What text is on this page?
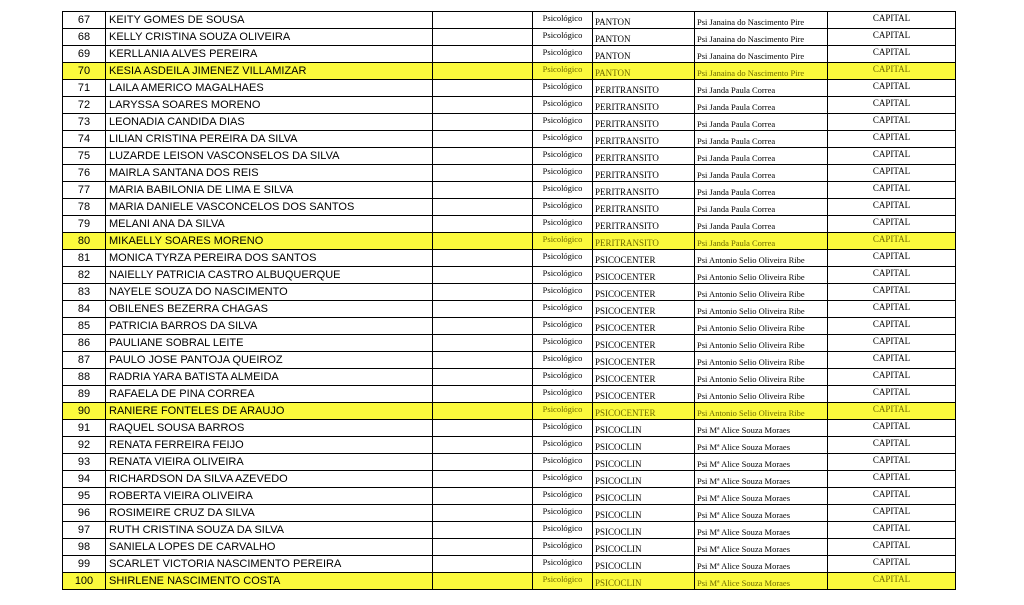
67	KEITY GOMES DE SOUSA		Psicológico	PANTON	Psi Janaina do Nascimento Pire	CAPITAL
68	KELLY CRISTINA SOUZA OLIVEIRA		Psicológico	PANTON	Psi Janaina do Nascimento Pire	CAPITAL
69	KERLLANIA ALVES PEREIRA		Psicológico	PANTON	Psi Janaina do Nascimento Pire	CAPITAL
70	KESIA ASDEILA JIMENEZ VILLAMIZAR		Psicológico	PANTON	Psi Janaina do Nascimento Pire	CAPITAL
71	LAILA AMERICO MAGALHAES		Psicológico	PERITRANSITO	Psi Janda Paula Correa	CAPITAL
72	LARYSSA SOARES MORENO		Psicológico	PERITRANSITO	Psi Janda Paula Correa	CAPITAL
73	LEONADIA CANDIDA DIAS		Psicológico	PERITRANSITO	Psi Janda Paula Correa	CAPITAL
74	LILIAN CRISTINA PEREIRA DA SILVA		Psicológico	PERITRANSITO	Psi Janda Paula Correa	CAPITAL
75	LUZARDE LEISON VASCONSELOS DA SILVA		Psicológico	PERITRANSITO	Psi Janda Paula Correa	CAPITAL
76	MAIRLA SANTANA DOS REIS		Psicológico	PERITRANSITO	Psi Janda Paula Correa	CAPITAL
77	MARIA BABILONIA DE LIMA E SILVA		Psicológico	PERITRANSITO	Psi Janda Paula Correa	CAPITAL
78	MARIA DANIELE VASCONCELOS DOS SANTOS		Psicológico	PERITRANSITO	Psi Janda Paula Correa	CAPITAL
79	MELANI ANA DA SILVA		Psicológico	PERITRANSITO	Psi Janda Paula Correa	CAPITAL
80	MIKAELLY SOARES MORENO		Psicológico	PERITRANSITO	Psi Janda Paula Correa	CAPITAL
81	MONICA TYRZA PEREIRA DOS SANTOS		Psicológico	PSICOCENTER	Psi Antonio Selio Oliveira Ribe	CAPITAL
82	NAIELLY PATRICIA CASTRO ALBUQUERQUE		Psicológico	PSICOCENTER	Psi Antonio Selio Oliveira Ribe	CAPITAL
83	NAYELE SOUZA DO NASCIMENTO		Psicológico	PSICOCENTER	Psi Antonio Selio Oliveira Ribe	CAPITAL
84	OBILENES BEZERRA CHAGAS		Psicológico	PSICOCENTER	Psi Antonio Selio Oliveira Ribe	CAPITAL
85	PATRICIA BARROS DA SILVA		Psicológico	PSICOCENTER	Psi Antonio Selio Oliveira Ribe	CAPITAL
86	PAULIANE SOBRAL LEITE		Psicológico	PSICOCENTER	Psi Antonio Selio Oliveira Ribe	CAPITAL
87	PAULO JOSE PANTOJA QUEIROZ		Psicológico	PSICOCENTER	Psi Antonio Selio Oliveira Ribe	CAPITAL
88	RADRIA YARA BATISTA ALMEIDA		Psicológico	PSICOCENTER	Psi Antonio Selio Oliveira Ribe	CAPITAL
89	RAFAELA DE PINA CORREA		Psicológico	PSICOCENTER	Psi Antonio Selio Oliveira Ribe	CAPITAL
90	RANIERE FONTELES DE ARAUJO		Psicológico	PSICOCENTER	Psi Antonio Selio Oliveira Ribe	CAPITAL
91	RAQUEL SOUSA BARROS		Psicológico	PSICOCLIN	Psi Mª Alice Souza Moraes	CAPITAL
92	RENATA FERREIRA FEIJO		Psicológico	PSICOCLIN	Psi Mª Alice Souza Moraes	CAPITAL
93	RENATA VIEIRA OLIVEIRA		Psicológico	PSICOCLIN	Psi Mª Alice Souza Moraes	CAPITAL
94	RICHARDSON DA SILVA AZEVEDO		Psicológico	PSICOCLIN	Psi Mª Alice Souza Moraes	CAPITAL
95	ROBERTA VIEIRA OLIVEIRA		Psicológico	PSICOCLIN	Psi Mª Alice Souza Moraes	CAPITAL
96	ROSIMEIRE CRUZ DA SILVA		Psicológico	PSICOCLIN	Psi Mª Alice Souza Moraes	CAPITAL
97	RUTH CRISTINA SOUZA DA SILVA		Psicológico	PSICOCLIN	Psi Mª Alice Souza Moraes	CAPITAL
98	SANIELA LOPES DE CARVALHO		Psicológico	PSICOCLIN	Psi Mª Alice Souza Moraes	CAPITAL
99	SCARLET VICTORIA NASCIMENTO PEREIRA		Psicológico	PSICOCLIN	Psi Mª Alice Souza Moraes	CAPITAL
100	SHIRLENE NASCIMENTO COSTA		Psicológico	PSICOCLIN	Psi Mª Alice Souza Moraes	CAPITAL
